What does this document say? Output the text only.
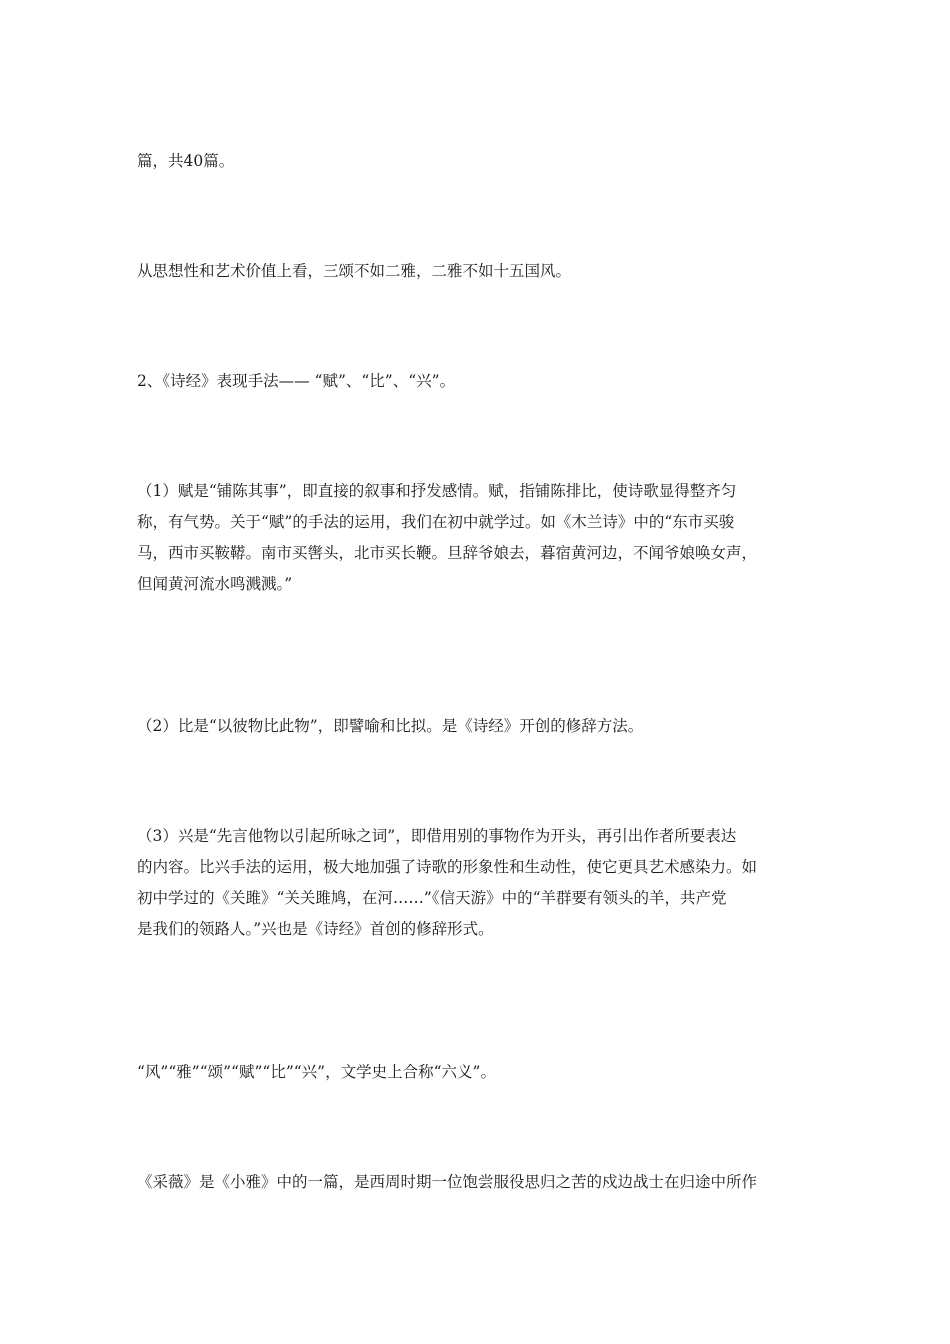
篇，共40篇。

从思想性和艺术价值上看，三颂不如二雅，二雅不如十五国风。

2、《诗经》表现手法—— “赋”、“比”、“兴”。

（1）赋是“铺陈其事”，即直接的叙事和抒发感情。赋，指铺陈排比，使诗歌显得整齐匀
称，有气势。关于“赋”的手法的运用，我们在初中就学过。如《木兰诗》中的“东市买骏
马，西市买鞍鞯。南市买辔头，北市买长鞭。旦辞爷娘去，暮宿黄河边，不闻爷娘唤女声，
但闻黄河流水鸣溅溅。”

（2）比是“以彼物比此物”，即譬喻和比拟。是《诗经》开创的修辞方法。

（3）兴是“先言他物以引起所咏之词”，即借用别的事物作为开头，再引出作者所要表达
的内容。比兴手法的运用，极大地加强了诗歌的形象性和生动性，使它更具艺术感染力。如
初中学过的《关雎》“关关雎鸠，在河……”《信天游》中的“羊群要有领头的羊，共产党
是我们的领路人。”兴也是《诗经》首创的修辞形式。

“风”“雅”“颂”“赋”“比”“兴”，文学史上合称“六义”。

《采薇》是《小雅》中的一篇，是西周时期一位饱尝服役思归之苦的戍边战士在归途中所作
